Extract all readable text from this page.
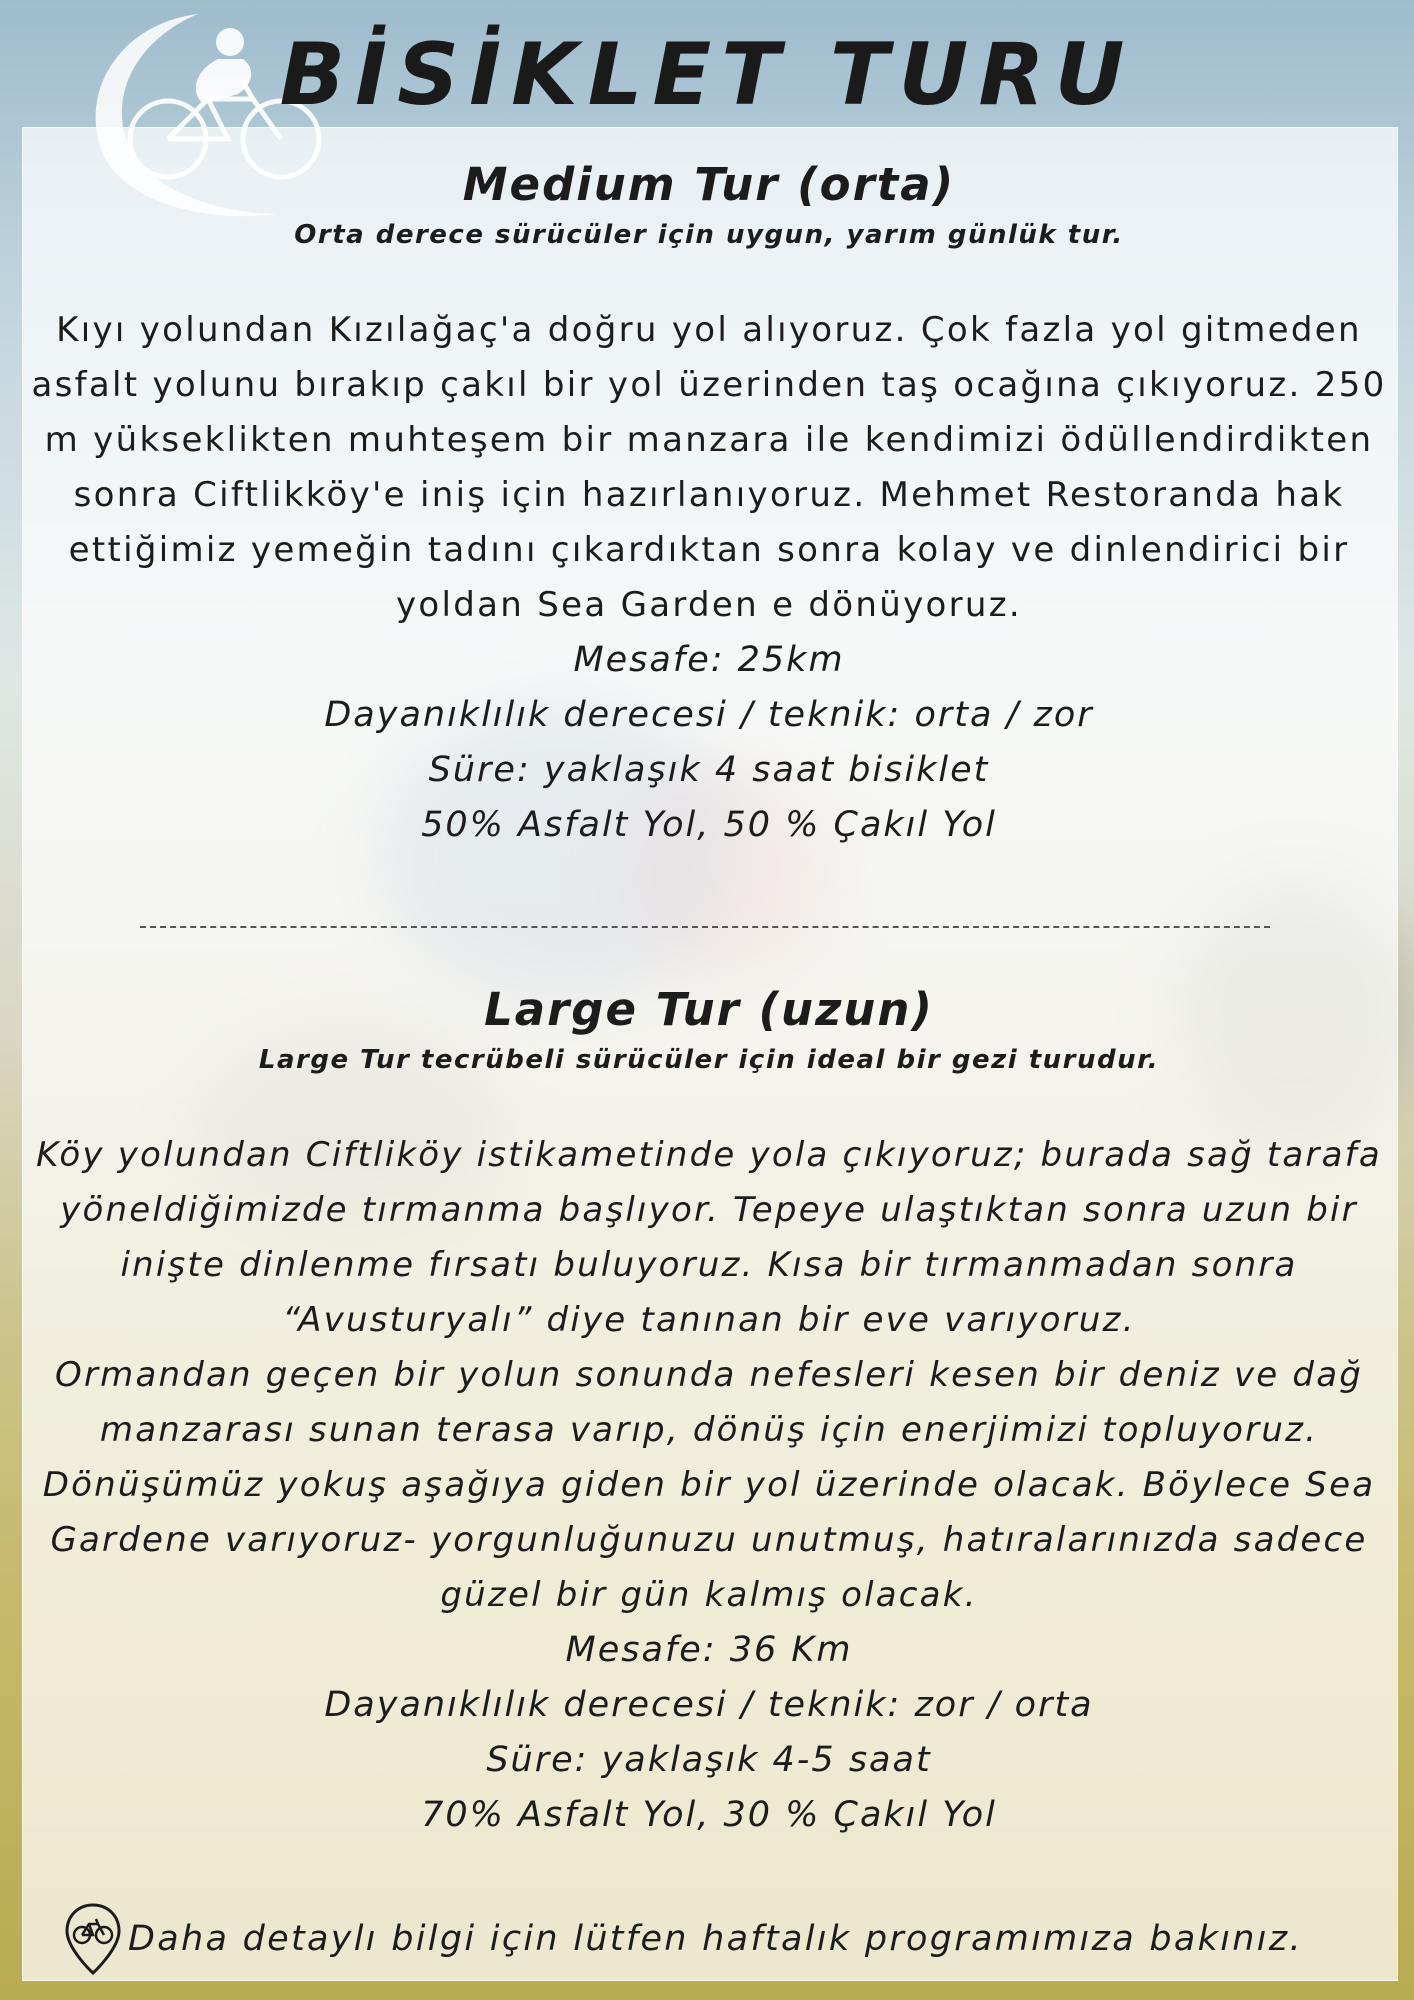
BİSİKLET TURU
Medium Tur (orta)

Orta derece sürücüler için uygun, yarım günlük tur.

Kıyı yolundan Kızılağaç'a doğru yol alıyoruz. Çok fazla yol gitmeden asfalt yolunu bırakıp çakıl bir yol üzerinden taş ocağına çıkıyoruz. 250 m yükseklikten muhteşem bir manzara ile kendimizi ödüllendirdikten sonra Ciftlikköy'e iniş için hazırlanıyoruz. Mehmet Restoranda hak ettiğimiz yemeğin tadını çıkardıktan sonra kolay ve dinlendirici bir yoldan Sea Garden e dönüyoruz.

Mesafe: 25km

Dayanıklılık derecesi / teknik: orta / zor

Süre: yaklaşık 4 saat bisiklet

50% Asfalt Yol, 50 % Çakıl Yol

Large Tur (uzun)

Large Tur tecrübeli sürücüler için ideal bir gezi turudur.

Köy yolundan Ciftliköy istikametinde yola çıkıyoruz; burada sağ tarafa yöneldiğimizde tırmanma başlıyor. Tepeye ulaştıktan sonra uzun bir inişte dinlenme fırsatı buluyoruz. Kısa bir tırmanmadan sonra “Avusturyalı” diye tanınan bir eve varıyoruz.

Ormandan geçen bir yolun sonunda nefesleri kesen bir deniz ve dağ manzarası sunan terasa varıp, dönüş için enerjimizi topluyoruz. Dönüşümüz yokuş aşağıya giden bir yol üzerinde olacak. Böylece Sea Gardene varıyoruz- yorgunluğunuzu unutmuş, hatıralarınızda sadece güzel bir gün kalmış olacak.

Mesafe: 36 Km

Dayanıklılık derecesi / teknik: zor / orta

Süre: yaklaşık 4-5 saat

70% Asfalt Yol, 30 % Çakıl Yol

Daha detaylı bilgi için lütfen haftalık programımıza bakınız.
